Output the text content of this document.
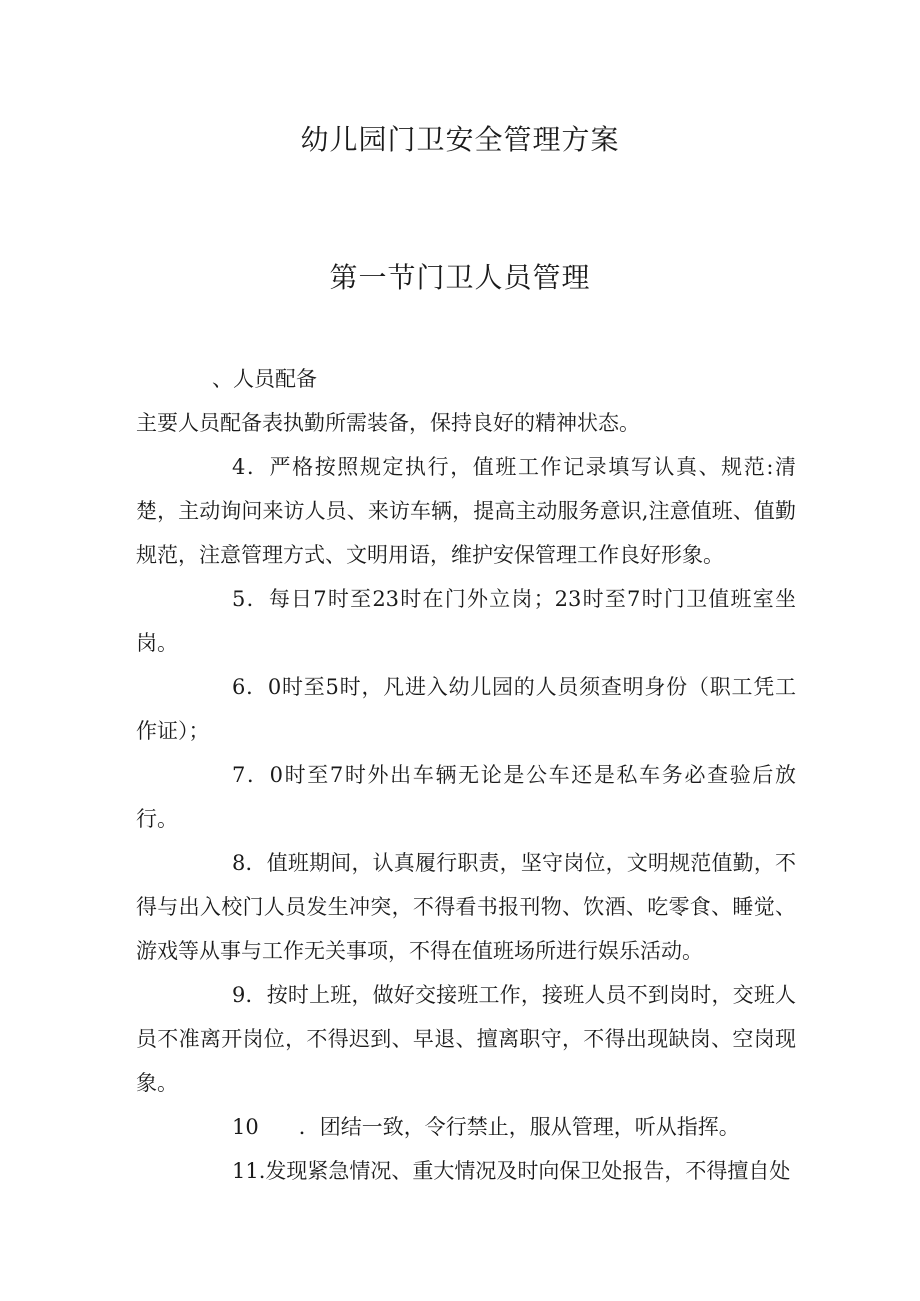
幼儿园门卫安全管理方案
第一节门卫人员管理

、人员配备

主要人员配备表执勤所需装备，保持良好的精神状态。

4．严格按照规定执行，值班工作记录填写认真、规范:清楚，主动询问来访人员、来访车辆，提高主动服务意识,注意值班、值勤规范，注意管理方式、文明用语，维护安保管理工作良好形象。

5．每日7时至23时在门外立岗；23时至7时门卫值班室坐岗。

6．0时至5时，凡进入幼儿园的人员须查明身份（职工凭工作证）；

7．0时至7时外出车辆无论是公车还是私车务必查验后放行。

8．值班期间，认真履行职责，坚守岗位，文明规范值勤，不得与出入校门人员发生冲突，不得看书报刊物、饮酒、吃零食、睡觉、游戏等从事与工作无关事项，不得在值班场所进行娱乐活动。

9．按时上班，做好交接班工作，接班人员不到岗时，交班人员不准离开岗位，不得迟到、早退、擅离职守，不得出现缺岗、空岗现象。

10 ．团结一致，令行禁止，服从管理，听从指挥。

11.发现紧急情况、重大情况及时向保卫处报告，不得擅自处
